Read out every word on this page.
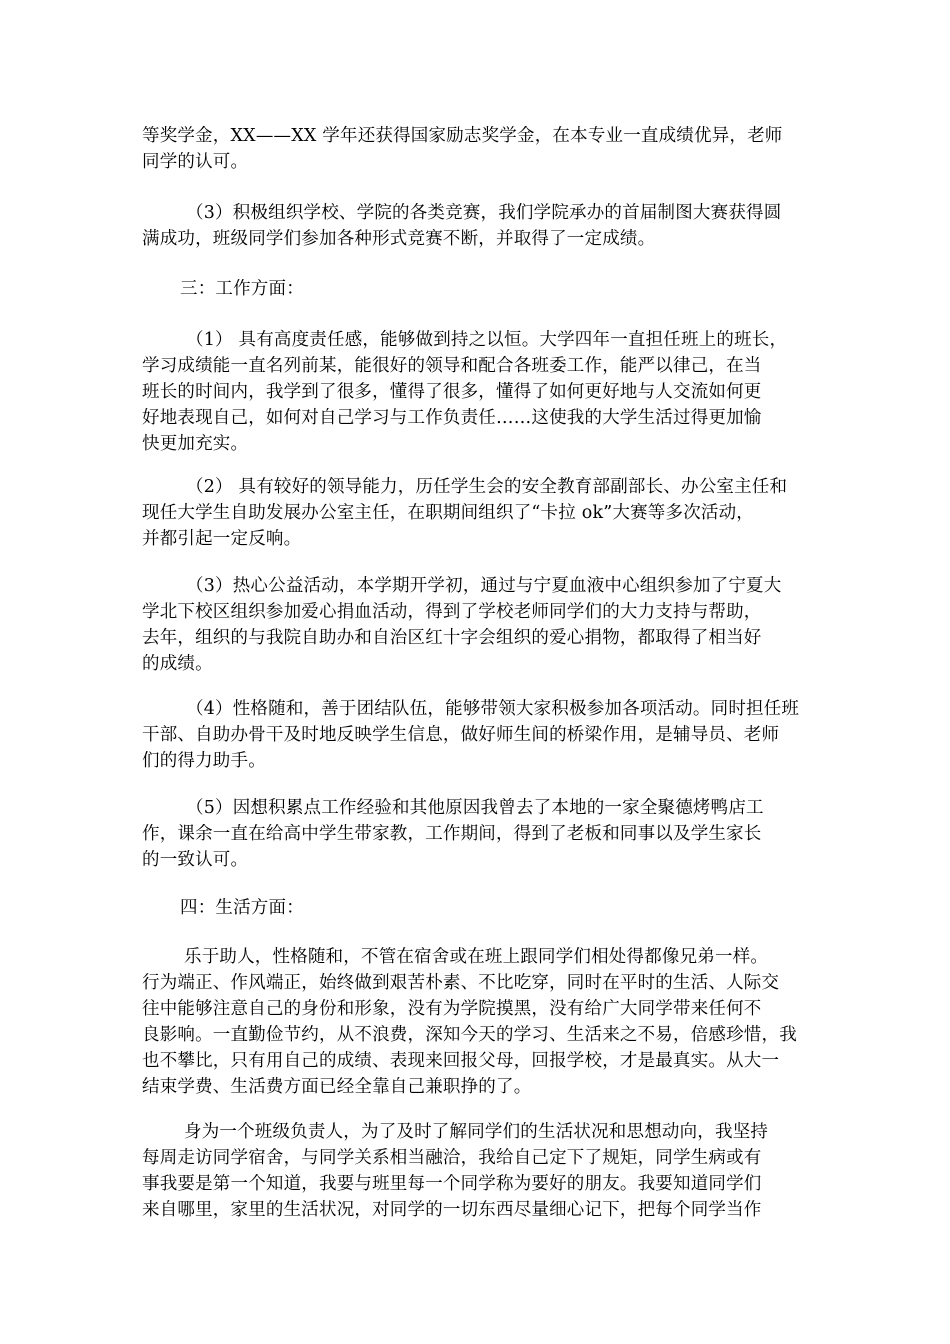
等奖学金，XX——XX 学年还获得国家励志奖学金，在本专业一直成绩优异，老师
同学的认可。
（3）积极组织学校、学院的各类竞赛，我们学院承办的首届制图大赛获得圆
满成功，班级同学们参加各种形式竞赛不断，并取得了一定成绩。
三：工作方面：
（1） 具有高度责任感，能够做到持之以恒。大学四年一直担任班上的班长，
学习成绩能一直名列前某，能很好的领导和配合各班委工作，能严以律己，在当
班长的时间内，我学到了很多，懂得了很多，懂得了如何更好地与人交流如何更
好地表现自己，如何对自己学习与工作负责任……这使我的大学生活过得更加愉
快更加充实。
（2） 具有较好的领导能力，历任学生会的安全教育部副部长、办公室主任和
现任大学生自助发展办公室主任，在职期间组织了“卡拉 ok”大赛等多次活动，
并都引起一定反响。
（3）热心公益活动，本学期开学初，通过与宁夏血液中心组织参加了宁夏大
学北下校区组织参加爱心捐血活动，得到了学校老师同学们的大力支持与帮助，
去年，组织的与我院自助办和自治区红十字会组织的爱心捐物，都取得了相当好
的成绩。
（4）性格随和，善于团结队伍，能够带领大家积极参加各项活动。同时担任班
干部、自助办骨干及时地反映学生信息，做好师生间的桥梁作用，是辅导员、老师
们的得力助手。
（5）因想积累点工作经验和其他原因我曾去了本地的一家全聚德烤鸭店工
作，课余一直在给高中学生带家教，工作期间，得到了老板和同事以及学生家长
的一致认可。
四：生活方面：
乐于助人，性格随和，不管在宿舍或在班上跟同学们相处得都像兄弟一样。
行为端正、作风端正，始终做到艰苦朴素、不比吃穿，同时在平时的生活、人际交
往中能够注意自己的身份和形象，没有为学院摸黑，没有给广大同学带来任何不
良影响。一直勤俭节约，从不浪费，深知今天的学习、生活来之不易，倍感珍惜，我
也不攀比，只有用自己的成绩、表现来回报父母，回报学校，才是最真实。从大一
结束学费、生活费方面已经全靠自己兼职挣的了。
身为一个班级负责人，为了及时了解同学们的生活状况和思想动向，我坚持
每周走访同学宿舍，与同学关系相当融洽，我给自己定下了规矩，同学生病或有
事我要是第一个知道，我要与班里每一个同学称为要好的朋友。我要知道同学们
来自哪里，家里的生活状况，对同学的一切东西尽量细心记下，把每个同学当作
